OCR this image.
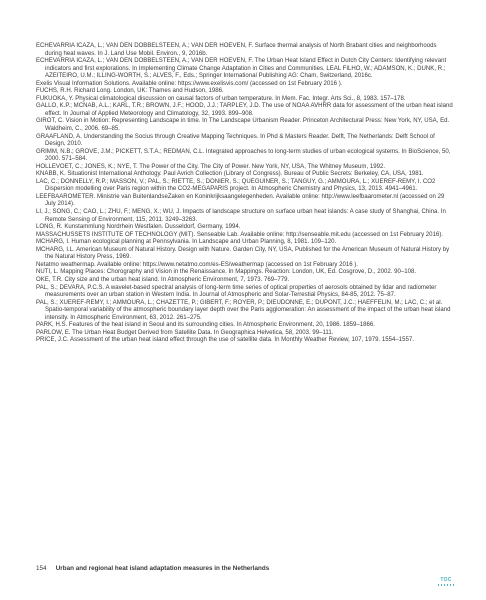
ECHEVARRIA ICAZA, L.; VAN DEN DOBBELSTEEN, A.; VAN DER HOEVEN, F. Surface thermal analysis of North Brabant cities and neighborhoods during heat waves. In J. Land Use Mobil. Environ., 9, 2016b.

ECHEVARRIA ICAZA, L.; VAN DEN DOBBELSTEEN, A.; VAN DER HOEVEN, F. The Urban Heat Island Effect in Dutch City Centers: Identifying relevant indicators and first explorations. In Implementing Climate Change Adaptation in Cities and Communities. LEAL FILHO, W.; ADAMSON, K.; DUNK, R.; AZEITEIRO, U.M.; ILLING-WORTH, S.; ALVES, F., Eds.; Springer International Publishing AG: Cham, Switzerland, 2016c.

Exelis Visual Information Solutions. Available online: https://www.exelisvis.com/ (accessed on 1st February 2016 ).

FUCHS, R.H. Richard Long. London, UK: Thames and Hudson, 1986.

FUKUOKA, Y. Physical climatological discussion on causal factors of urban temperature. In Mem. Fac. Integr. Arts Sci., 8, 1983. 157–178.

GALLO, K.P.; MCNAB, A.L.; KARL, T.R.; BROWN, J.F.; HOOD, J.J.; TARPLEY, J.D. The use of NOAA AVHRR data for assessment of the urban heat island effect. In Journal of Applied Meteorology and Climatology, 32, 1993. 899–908.

GIROT, C. Vision in Motion: Representing Landscape in time. In The Landscape Urbanism Reader. Princeton Architectural Press: New York, NY, USA, Ed. Waldheim, C., 2006. 69–85.

GRAAFLAND, A. Understanding the Socius through Creative Mapping Techniques. In Phd & Masters Reader. Delft, The Netherlands: Delft School of Design, 2010.

GRIMM, N.B.; GROVE, J.M.; PICKETT, S.T.A.; REDMAN, C.L. Integrated approaches to long-term studies of urban ecological systems. In BioScience, 50, 2000. 571–584.

HOLLEVOET, C.; JONES, K.; NYE, T. The Power of the City. The City of Power. New York, NY, USA, The Whitney Museum, 1992.

KNABB, K. Situationist International Anthology. Paul Avrich Collection (Library of Congress). Bureau of Public Secrets: Berkeley, CA, USA, 1981.

LAC, C.; DONNELLY, R.P.; MASSON, V.; PAL, S.; RIETTE, S.; DONIER, S.; QUEGUINER, S.; TANGUY, G.; AMMOURA, L.; XUEREF-REMY, I. CO2 Dispersion modelling over Paris region within the CO2-MEGAPARIS project. In Atmospheric Chemistry and Physics, 13, 2013. 4941–4961.

LEEFBAAROMETER. Ministrie van BuitenlandseZaken en Koninkrijksaangelegenheden. Available online: http://www.leefbaarometer.nl (accessed on 29 July 2014).

LI, J.; SONG, C.; CAO, L.; ZHU, F.; MENG, X.; WU, J. Impacts of landscape structure on surface urban heat islands: A case study of Shanghai, China. In Remote Sensing of Environment, 115, 2011. 3249–3263.

LONG, R. Kunstammlung Nordrhein Westfalen. Dusseldorf, Germany, 1994.

MASSACHUSSETS INSTITUTE OF TECHNOLOGY (MIT). Senseable Lab. Available online: http://senseable.mit.edu (accessed on 1st February 2016).

MCHARG, I. Human ecological planning at Pennsylvania. In Landscape and Urban Planning, 8, 1981. 109–120.

MCHARG, I.L. American Museum of Natural History. Design with Nature. Garden City, NY, USA, Published for the American Museum of Natural History by the Natural History Press, 1969.

Netatmo weathermap. Available online: https://www.netatmo.com/es-ES/weathermap (accessed on 1st February 2016 ).

NUTI, L. Mapping Places: Chorography and Vision in the Renaissance. In Mappings. Reaction: London, UK, Ed. Cosgrove, D., 2002. 90–108.

OKE, T.R. City size and the urban heat island. In Atmospheric Environment, 7, 1973. 769–779.

PAL, S.; DEVARA, P.C.S. A wavelet-based spectral analysis of long-term time series of optical properties of aerosols obtained by lidar and radiometer measurements over an urban station in Western India. In Journal of Atmospheric and Solar-Terrestial Physics, 84-85, 2012. 75–87.

PAL, S.; XUEREF-REMY, I.; AMMOURA, L.; CHAZETTE, P.; GIBERT, F.; ROYER, P.; DIEUDONNE, E.; DUPONT, J.C.; HAEFFELIN, M.; LAC, C.; et al. Spatio-temporal variability of the atmospheric boundary layer depth over the Paris agglomeration: An assessment of the impact of the urban heat island intensity. In Atmospheric Environment, 63, 2012. 261–275.

PARK, H.S. Features of the heat island in Seoul and its surrounding cities. In Atmospheric Environment, 20, 1986. 1859–1866.

PARLOW, E. The Urban Heat Budget Derived from Satellite Data. In Geographica Helvetica, 58, 2003. 99–111.

PRICE, J.C. Assessment of the urban heat island effect through the use of satellite data. In Monthly Weather Review, 107, 1979. 1554–1557.

154 Urban and regional heat island adaptation measures in the Netherlands
TOC
